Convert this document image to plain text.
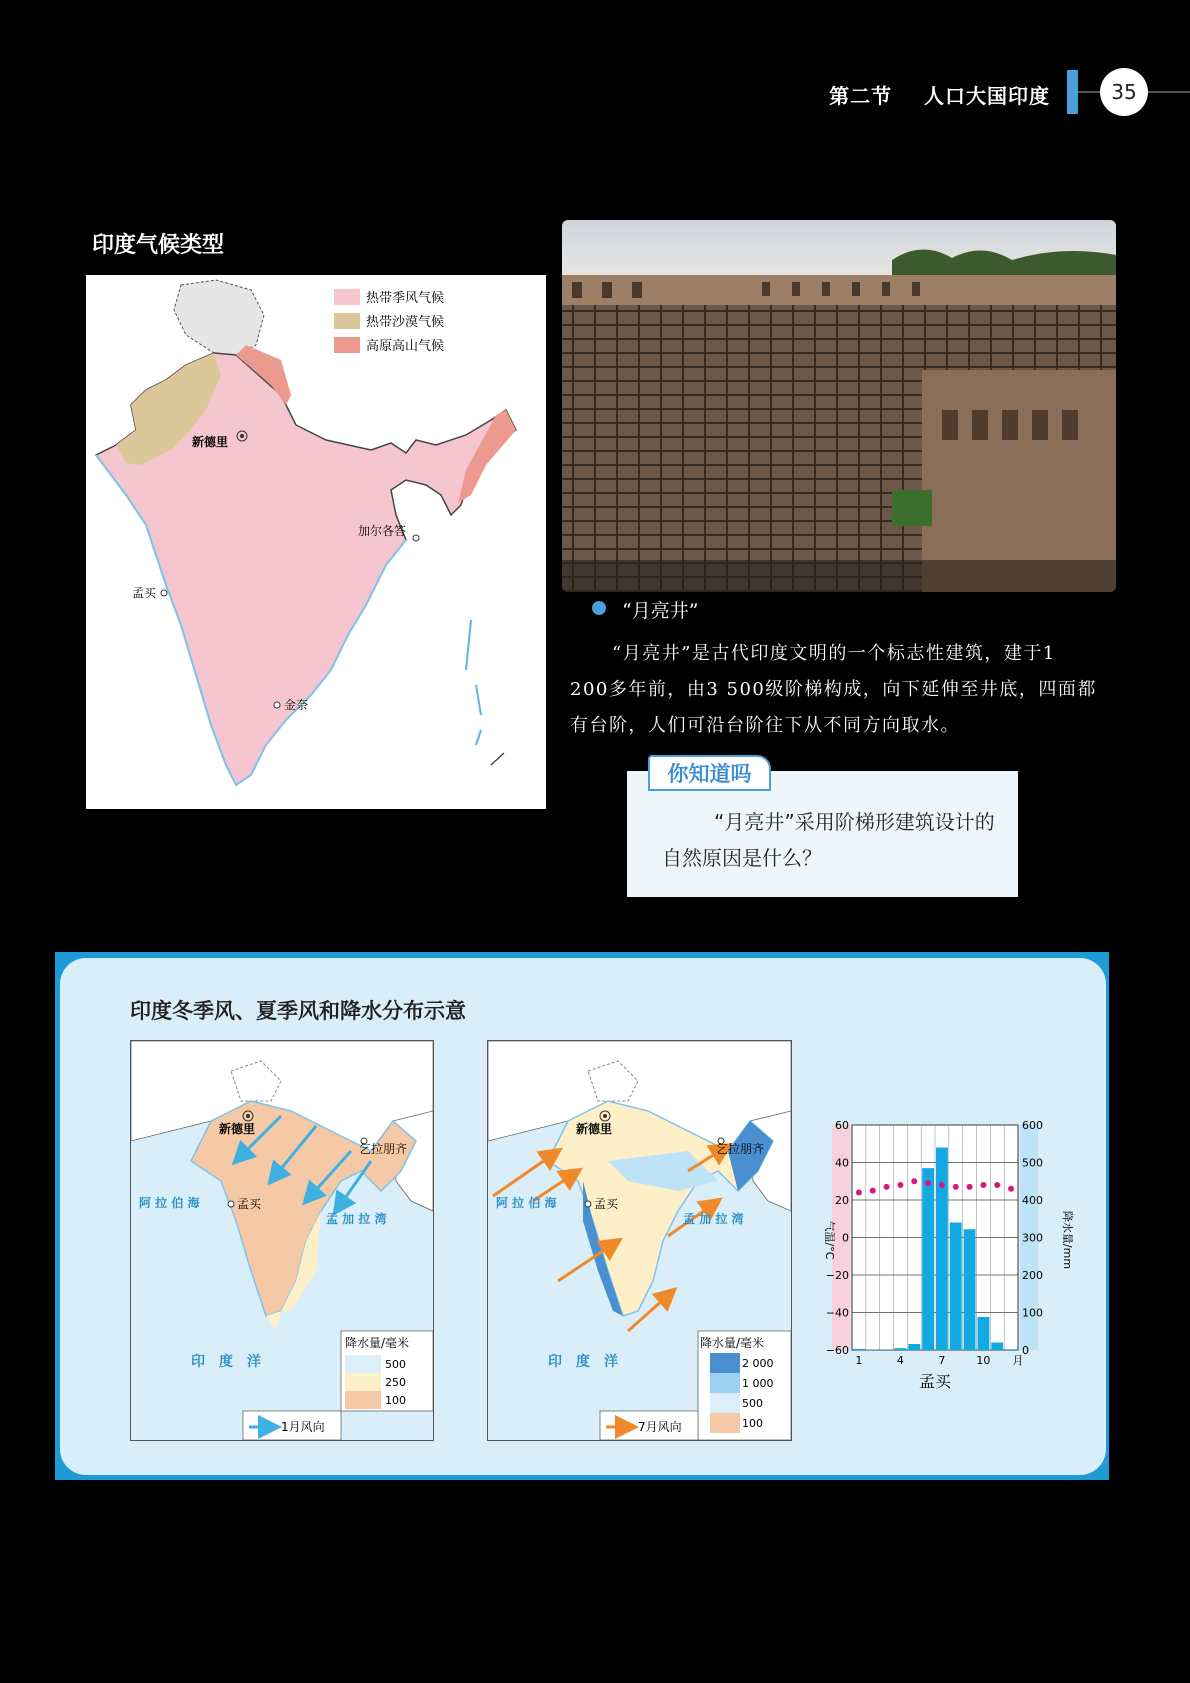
第二节 人口大国印度	35
印度气候类型
热带季风气候
热带沙漠气候
高原高山气候
新德里
加尔各答
孟买
金奈
“月亮井”
“月亮井”是古代印度文明的一个标志性建筑，建于1 200多年前，由3 500级阶梯构成，向下延伸至井底，四面都有台阶，人们可沿台阶往下从不同方向取水。
你知道吗
“月亮井”采用阶梯形建筑设计的自然原因是什么？
印度冬季风、夏季风和降水分布示意
新德里
乞拉朋齐
孟买
阿 拉 伯 海
孟 加 拉 湾
印　度　洋
降水量/毫米
500
250
100
1月风向
新德里
乞拉朋齐
孟买
阿 拉 伯 海
孟 加 拉 湾
印　度　洋
降水量/毫米
2 000
1 000
500
100
7月风向
60	600
40	500
20	400
0	300
−20	200
−40	100
−60	0
1	4	7	10 月
气温/°C	降水量/mm
孟买
